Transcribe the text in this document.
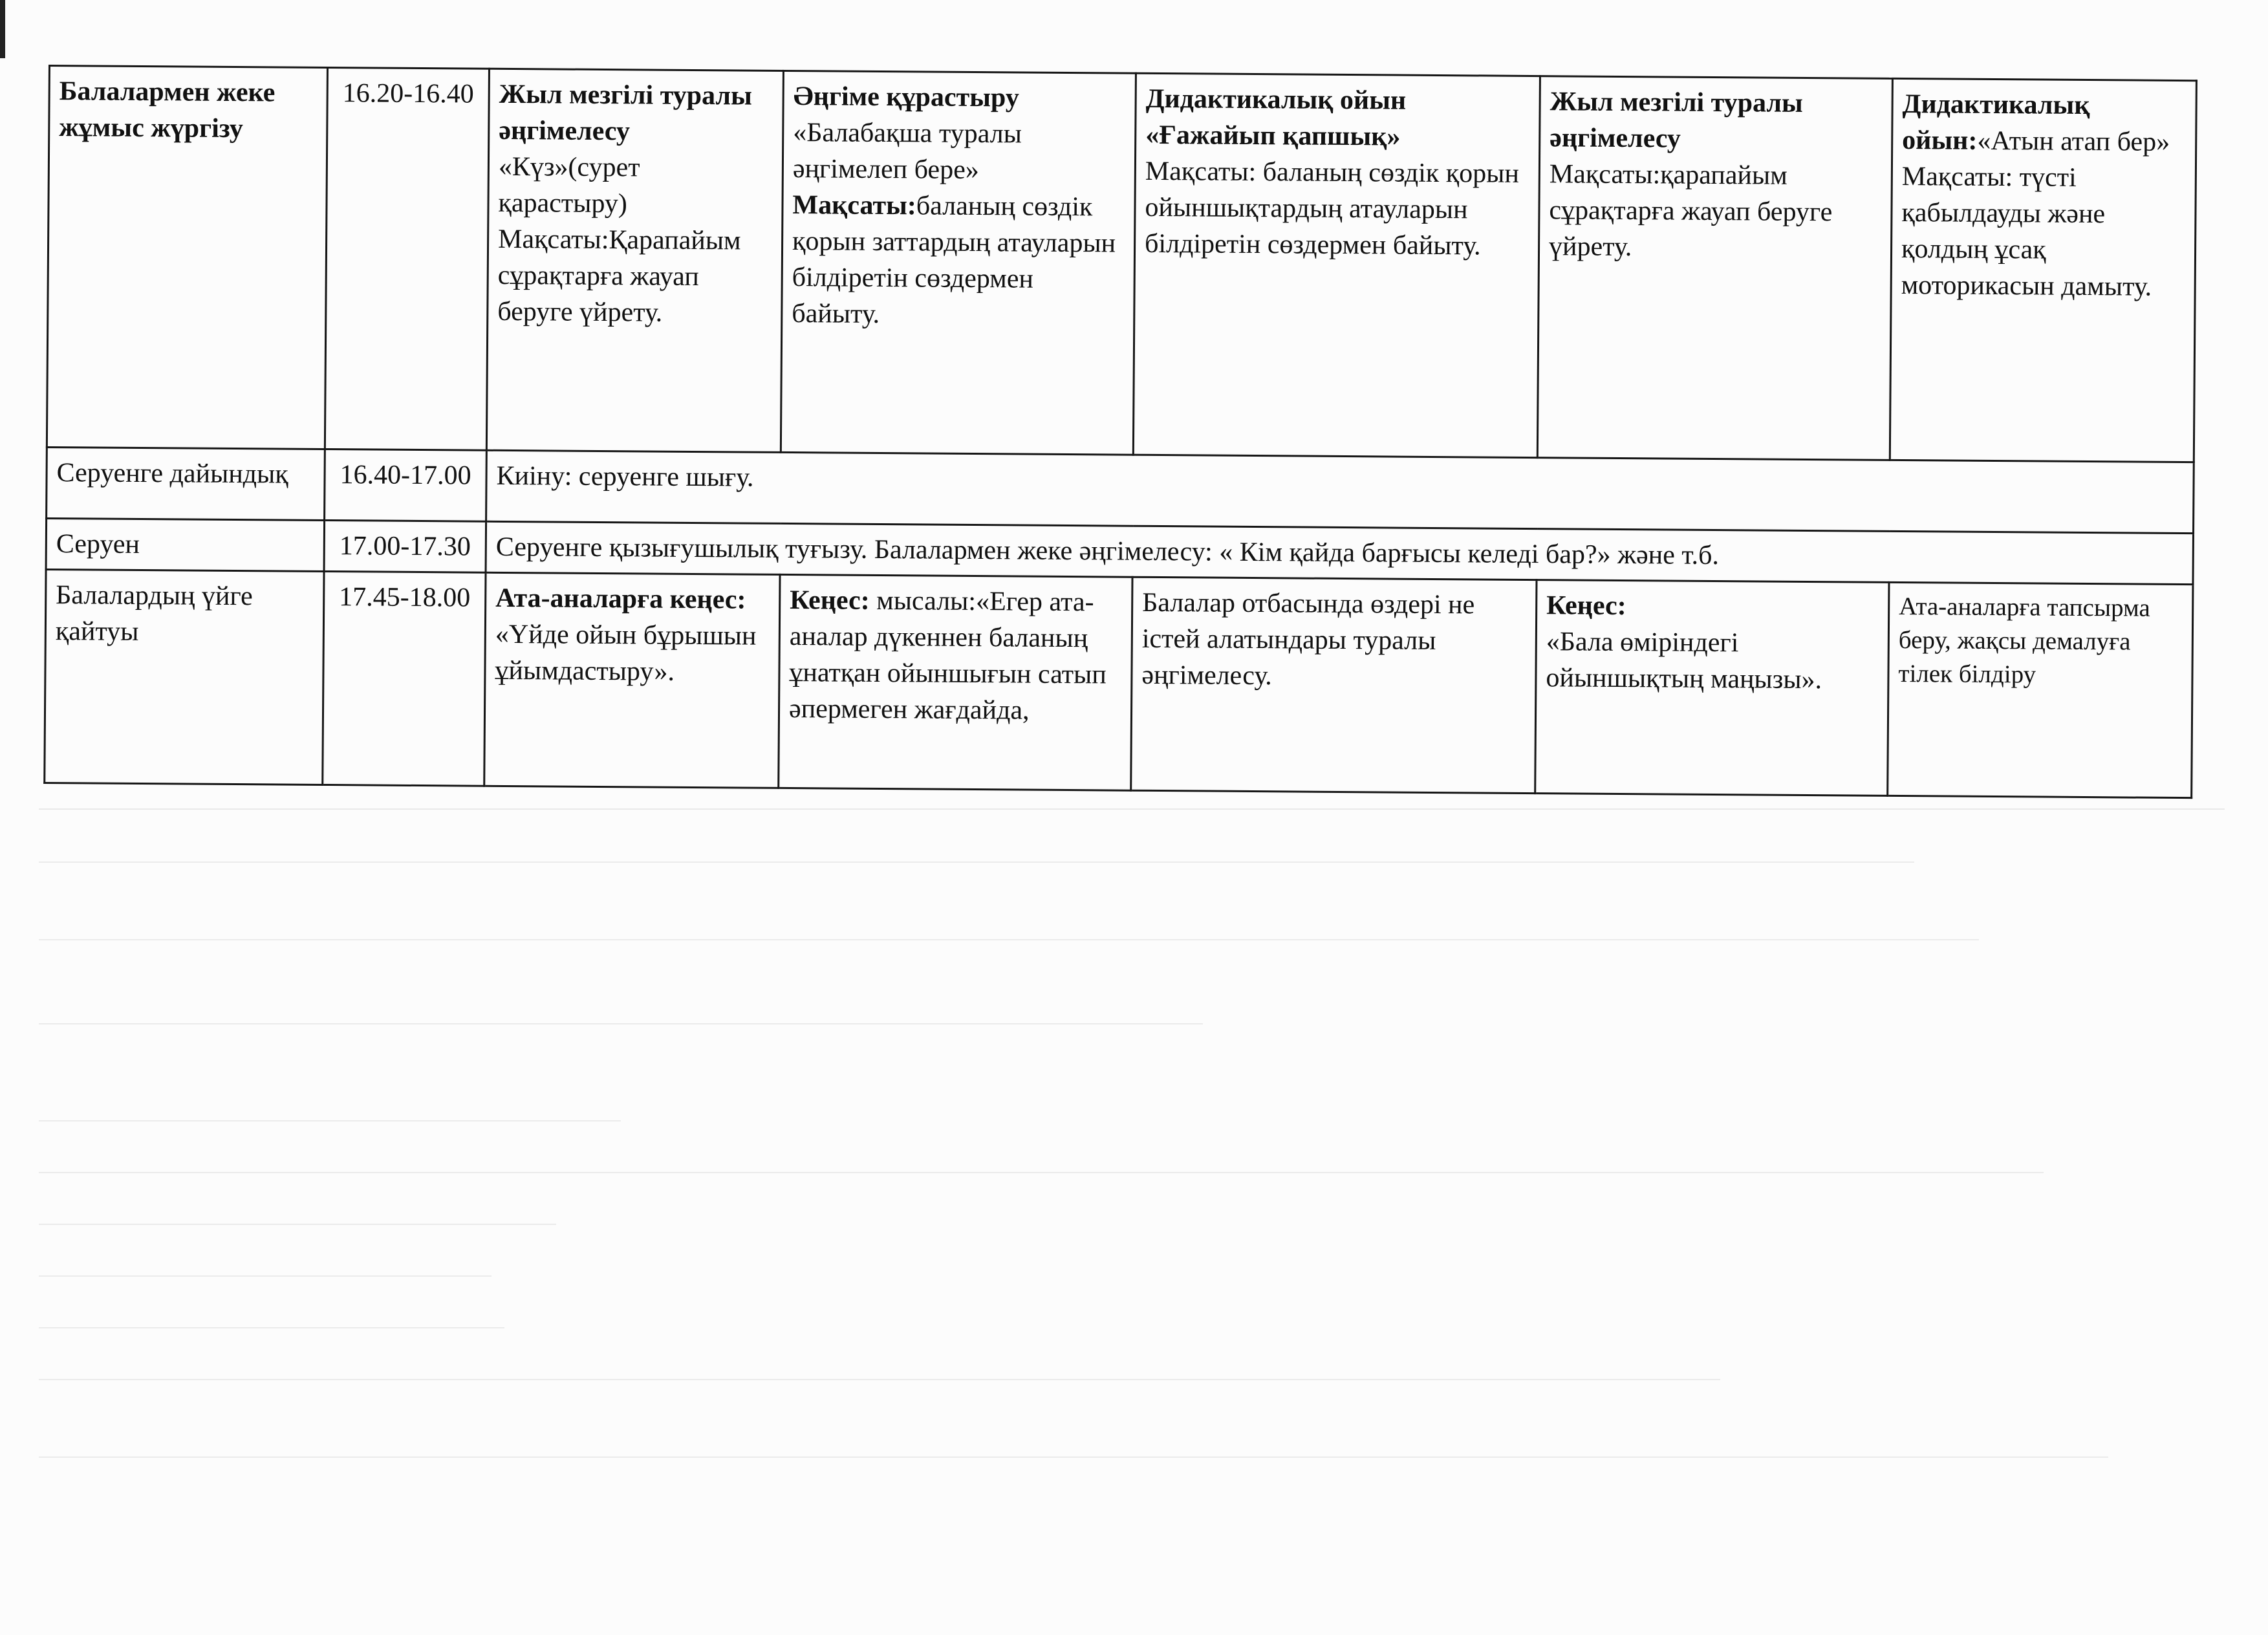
Балалармен жеке жұмыс жүргізу	16.20-16.40	Жыл мезгілі туралы әңгімелесу
«Күз»(сурет қарастыру)
Мақсаты:Қарапайым сұрақтарға жауап беруге үйрету.	Әңгіме құрастыру
«Балабақша туралы әңгімелеп бере»
Мақсаты:баланың сөздік қорын заттардың атауларын білдіретін сөздермен байыту.	Дидактикалық ойын «Ғажайып қапшық»
Мақсаты: баланың сөздік қорын ойыншықтардың атауларын білдіретін сөздермен байыту.	Жыл мезгілі туралы әңгімелесу
Мақсаты:қарапайым сұрақтарға жауап беруге үйрету.	Дидактикалық ойын:«Атын атап бер»
Мақсаты: түсті қабылдауды және қолдың ұсақ моторикасын дамыту.
Серуенге дайындық	16.40-17.00	Киіну: серуенге шығу.				
Серуен	17.00-17.30	Серуенге қызығушылық туғызу. Балалармен жеке әңгімелесу: « Кім қайда барғысы келеді бар?» және т.б.				
Балалардың үйге қайтуы	17.45-18.00	Ата-аналарға кеңес:
«Үйде ойын бұрышын ұйымдастыру».	Кеңес: мысалы:«Егер ата-аналар дүкеннен баланың ұнатқан ойыншығын сатып әпермеген жағдайда,	Балалар отбасында өздері не істей алатындары туралы әңгімелесу.	Кеңес:
«Бала өміріндегі ойыншықтың маңызы».	Ата-аналарға тапсырма беру, жақсы демалуға тілек білдіру
